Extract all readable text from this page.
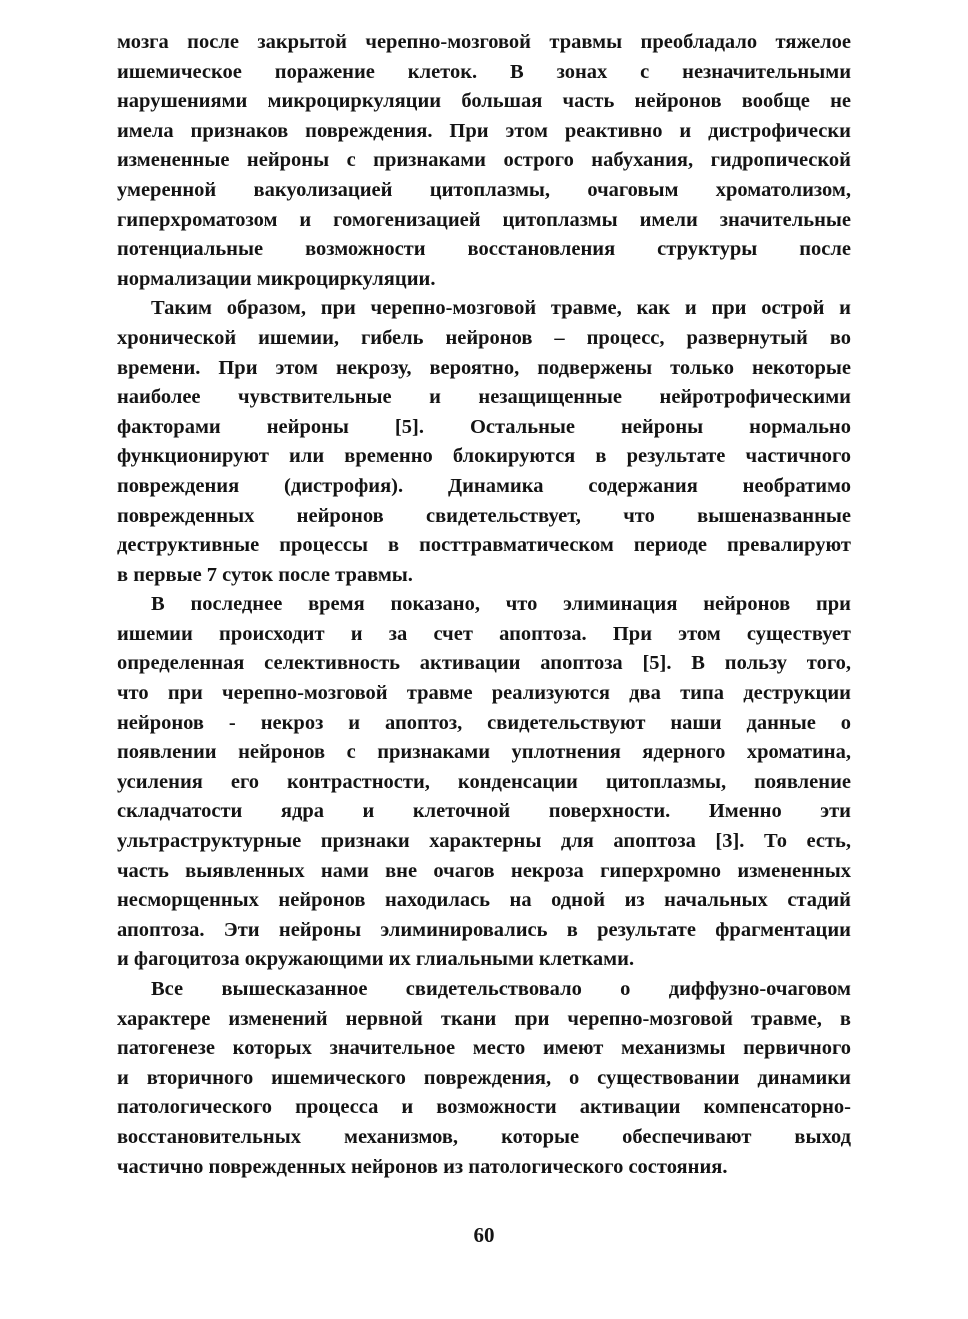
мозга после закрытой черепно-мозговой травмы преобладало тяжелое
ишемическое поражение клеток. В зонах с незначительными
нарушениями микроциркуляции большая часть нейронов вообще не
имела признаков повреждения. При этом реактивно и дистрофически
измененные нейроны с признаками острого набухания, гидропической
умеренной вакуолизацией цитоплазмы, очаговым хроматолизом,
гиперхроматозом и гомогенизацией цитоплазмы имели значительные
потенциальные возможности восстановления структуры после
нормализации микроциркуляции.
Таким образом, при черепно-мозговой травме, как и при острой и
хронической ишемии, гибель нейронов – процесс, развернутый во
времени. При этом некрозу, вероятно, подвержены только некоторые
наиболее чувствительные и незащищенные нейротрофическими
факторами нейроны [5]. Остальные нейроны нормально
функционируют или временно блокируются в результате частичного
повреждения (дистрофия). Динамика содержания необратимо
поврежденных нейронов свидетельствует, что вышеназванные
деструктивные процессы в посттравматическом периоде превалируют
в первые 7 суток после травмы.
В последнее время показано, что элиминация нейронов при
ишемии происходит и за счет апоптоза. При этом существует
определенная селективность активации апоптоза [5]. В пользу того,
что при черепно-мозговой травме реализуются два типа деструкции
нейронов - некроз и апоптоз, свидетельствуют наши данные о
появлении нейронов с признаками уплотнения ядерного хроматина,
усиления его контрастности, конденсации цитоплазмы, появление
складчатости ядра и клеточной поверхности. Именно эти
ультраструктурные признаки характерны для апоптоза [3]. То есть,
часть выявленных нами вне очагов некроза гиперхромно измененных
несморщенных нейронов находилась на одной из начальных стадий
апоптоза. Эти нейроны элиминировались в результате фрагментации
и фагоцитоза окружающими их глиальными клетками.
Все вышесказанное свидетельствовало о диффузно-очаговом
характере изменений нервной ткани при черепно-мозговой травме, в
патогенезе которых значительное место имеют механизмы первичного
и вторичного ишемического повреждения, о существовании динамики
патологического процесса и возможности активации компенсаторно-
восстановительных механизмов, которые обеспечивают выход
частично поврежденных нейронов из патологического состояния.
60
